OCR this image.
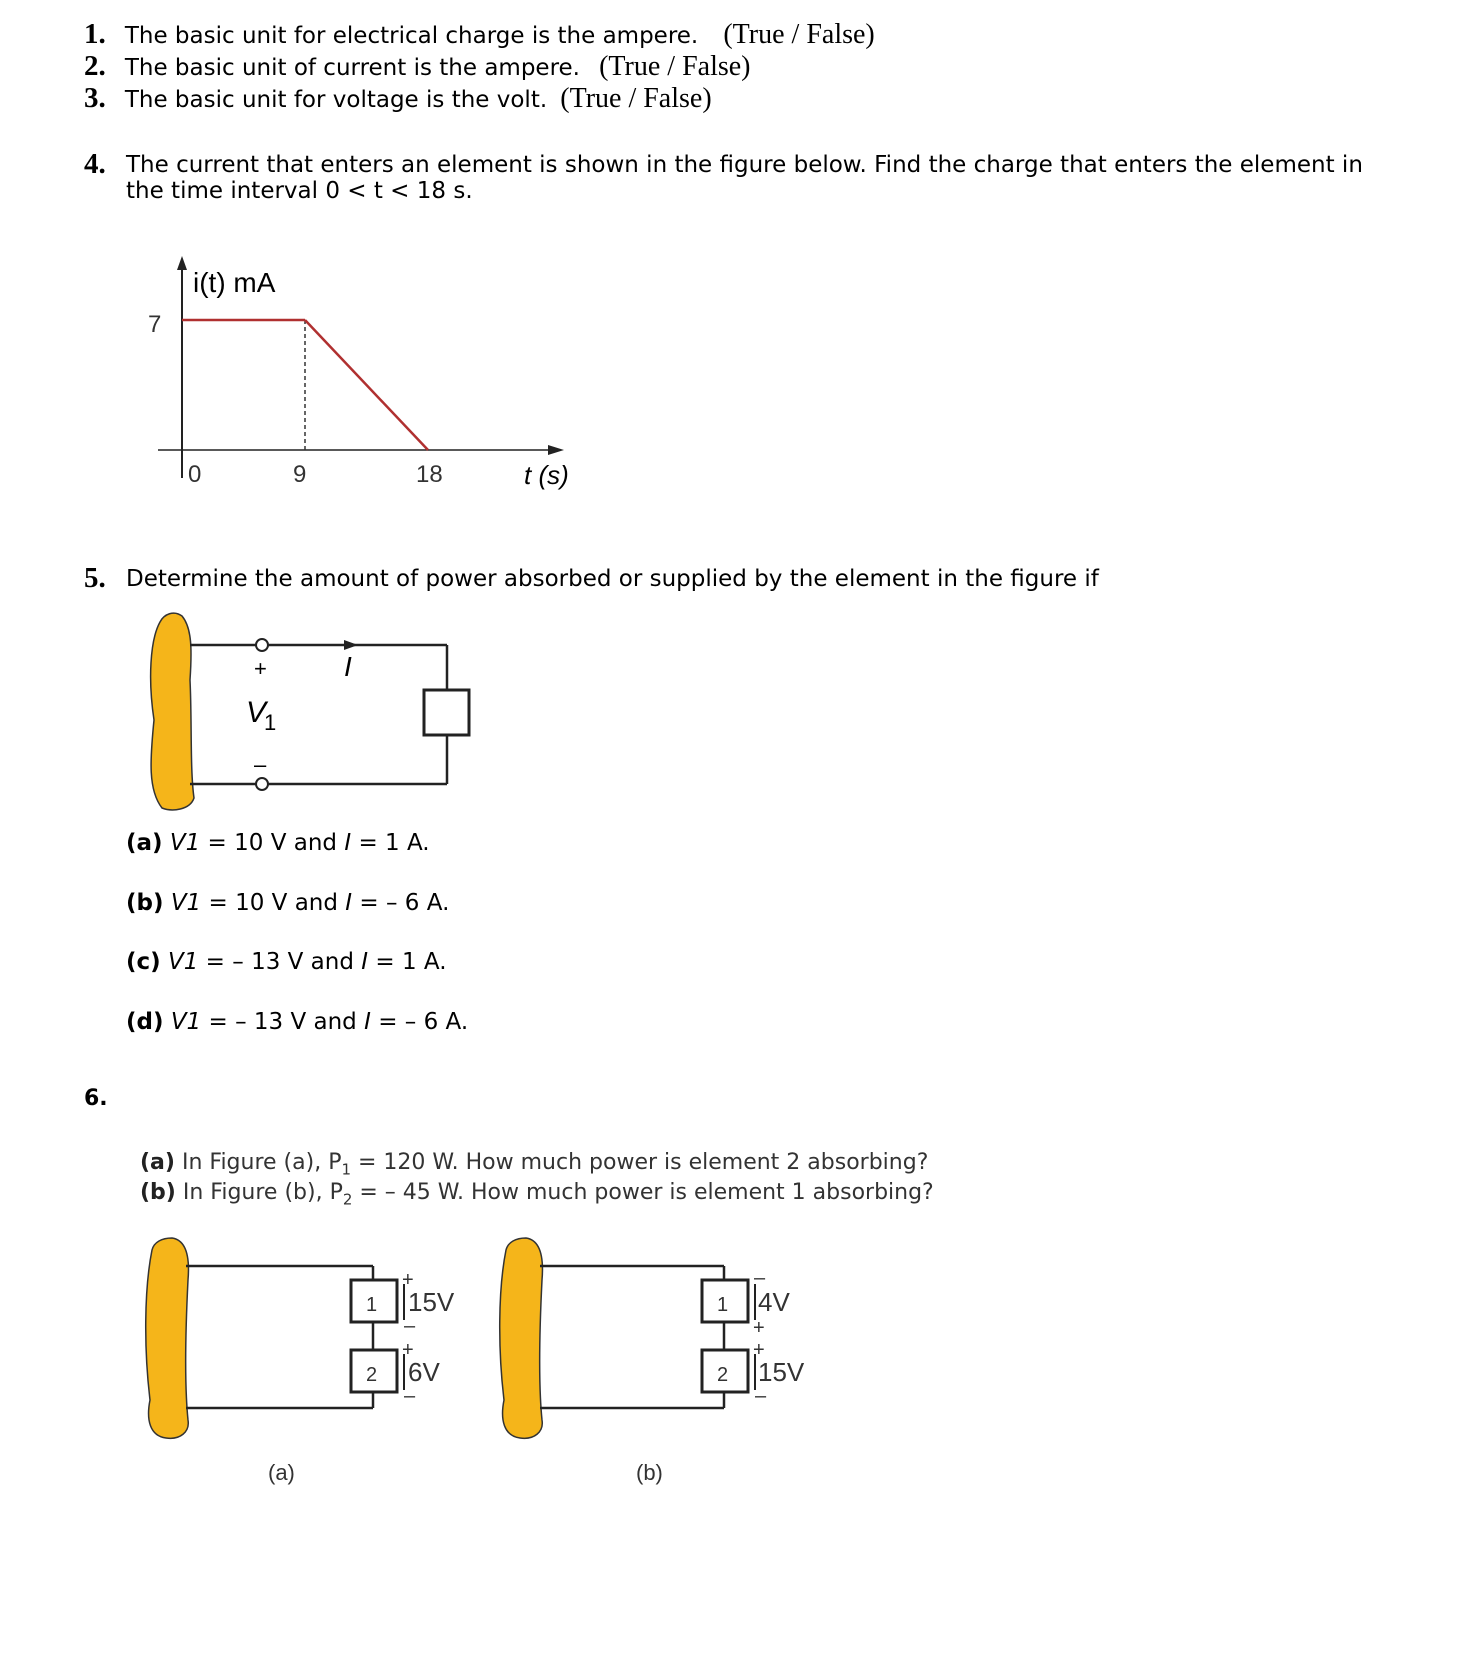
1. The basic unit for electrical charge is the ampere. (True / False)
2. The basic unit of current is the ampere. (True / False)
3. The basic unit for voltage is the volt. (True / False)
4. The current that enters an element is shown in the figure below. Find the charge that enters the element in
the time interval 0 < t < 18 s.
i(t) mA
t (s)
0	9	18
7
5. Determine the amount of power absorbed or supplied by the element in the figure if
+
–
V
1
I
(a) V1 = 10 V and I = 1 A.
(b) V1 = 10 V and I = – 6 A.
(c) V1 = – 13 V and I = 1 A.
(d) V1 = – 13 V and I = – 6 A.
6.
(a) In Figure (a), $P_1 = 120$ W. How much power is element 2 absorbing?
(b) In Figure (b), $P_2$ = – 45 W. How much power is element 1 absorbing?
1
2
+
–
+
–
15V
6V
(a)
1
2
–
+
+
–
4V
15V
(b)
